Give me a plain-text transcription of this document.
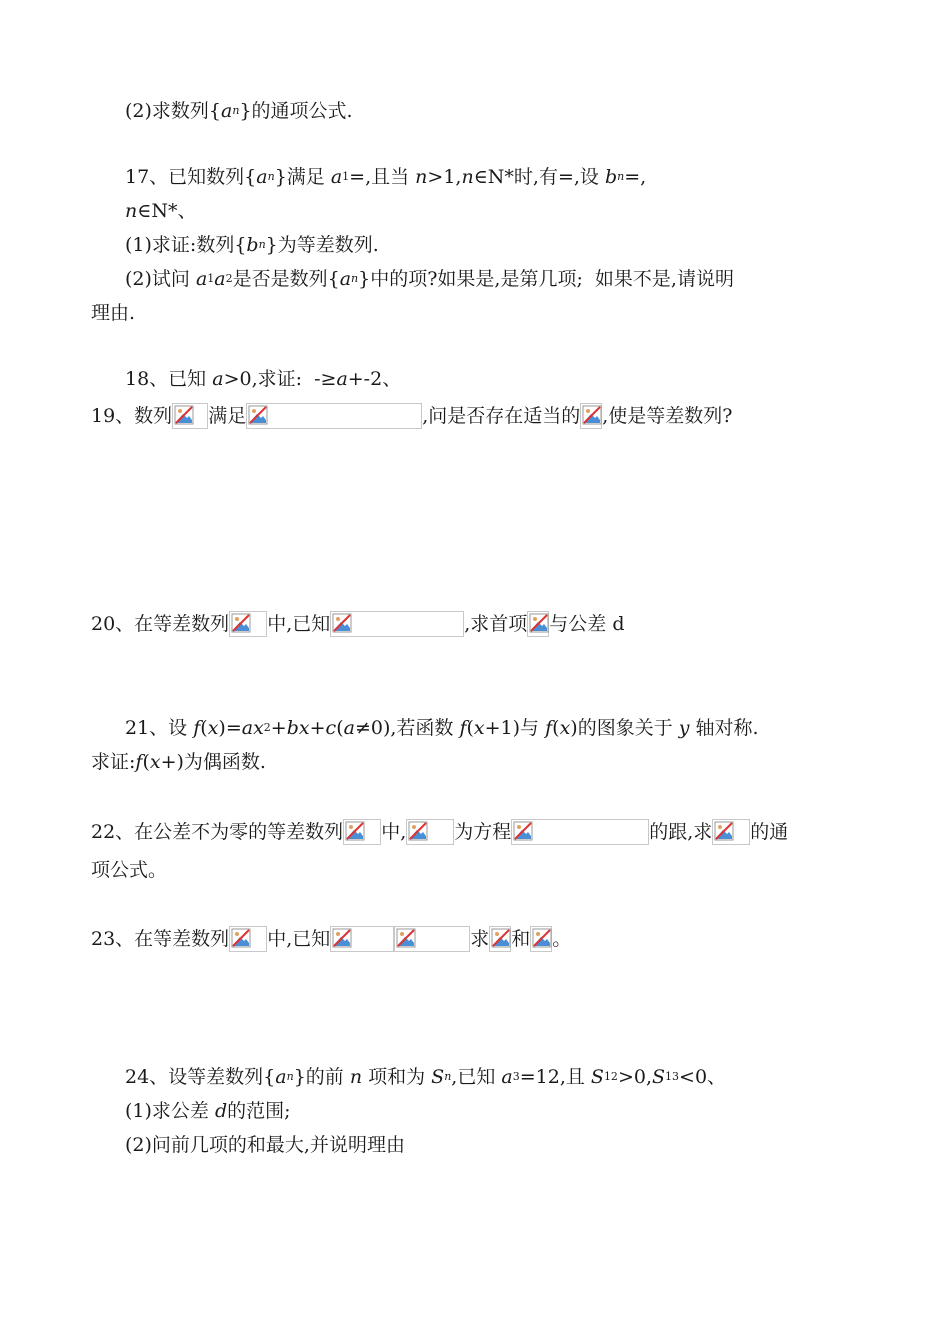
(2)求数列{ a n }的通项公式.
17、已知数列{ a n }满足
a 1 =,且当
n >1, n ∈N*时,有=,设
b n =,
n ∈N*、
(1)求证:数列{ b n }为等差数列.
(2)试问
a 1 a 2 是否是数列{ a n }中的项?如果是,是第几项;  如果不是,请说明
理由.
18、已知
a >0,求证:  -≥ a +-2、
19、数列 满足	,问是否存在适当的 ,使是等差数列?
20、在等差数列 中,已知	,求首项 与公差 d
21、设 f ( x ) = ax 2 + bx + c ( a ≠0),若函数 f ( x +1)与 f ( x ) 的图象关于 y 轴对称.
求证: f ( x +)为偶函数.
22、在公差不为零的等差数列 中,	为方程	的跟,求 的通
项公式。
23、在等差数列 中,已知	求 和 。
24、设等差数列{ a n }的前 n 项和为 S n ,已知
a 3 =12,且
S 12 >0, S 13 <0、
(1)求公差
d 的范围;
(2)问前几项的和最大,并说明理由
